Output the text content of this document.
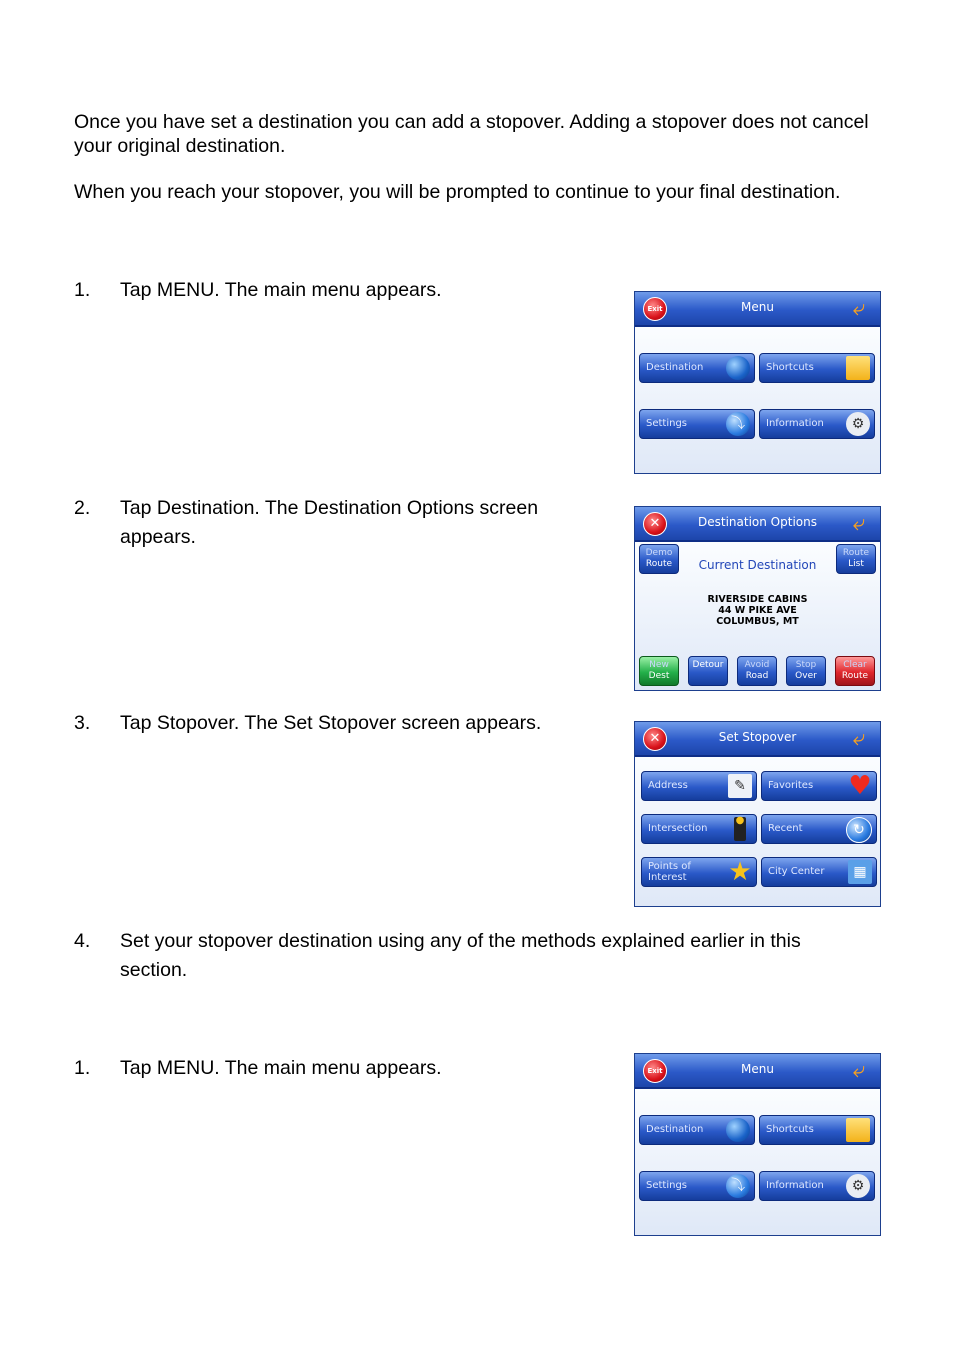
Once you have set a destination you can add a stopover. Adding a stopover does not cancel your original destination.

When you reach your stopover, you will be prompted to continue to your final destination.

1. Tap MENU. The main menu appears.
Exit	Menu	⤶
Destination	Shortcuts
Settings	⤵	Information	⚙
2. Tap Destination. The Destination Options screen
appears.
✕	Destination Options	⤶
Demo
Route	Current Destination
Route
List
RIVERSIDE CABINS
44 W PIKE AVE
COLUMBUS, MT
New
Dest
Detour	Avoid
Road
Stop
Over
Clear
Route
3. Tap Stopover. The Set Stopover screen appears.
✕	Set Stopover	⤶
Address	✎	Favorites ♥
Intersection
●
Recent	↻
Points of Interest	★	City Center	▦
4. Set your stopover destination using any of the methods explained earlier in this
section.
1. Tap MENU. The main menu appears.	Exit	Menu	⤶
Destination	Shortcuts
Settings	⤵	Information	⚙
